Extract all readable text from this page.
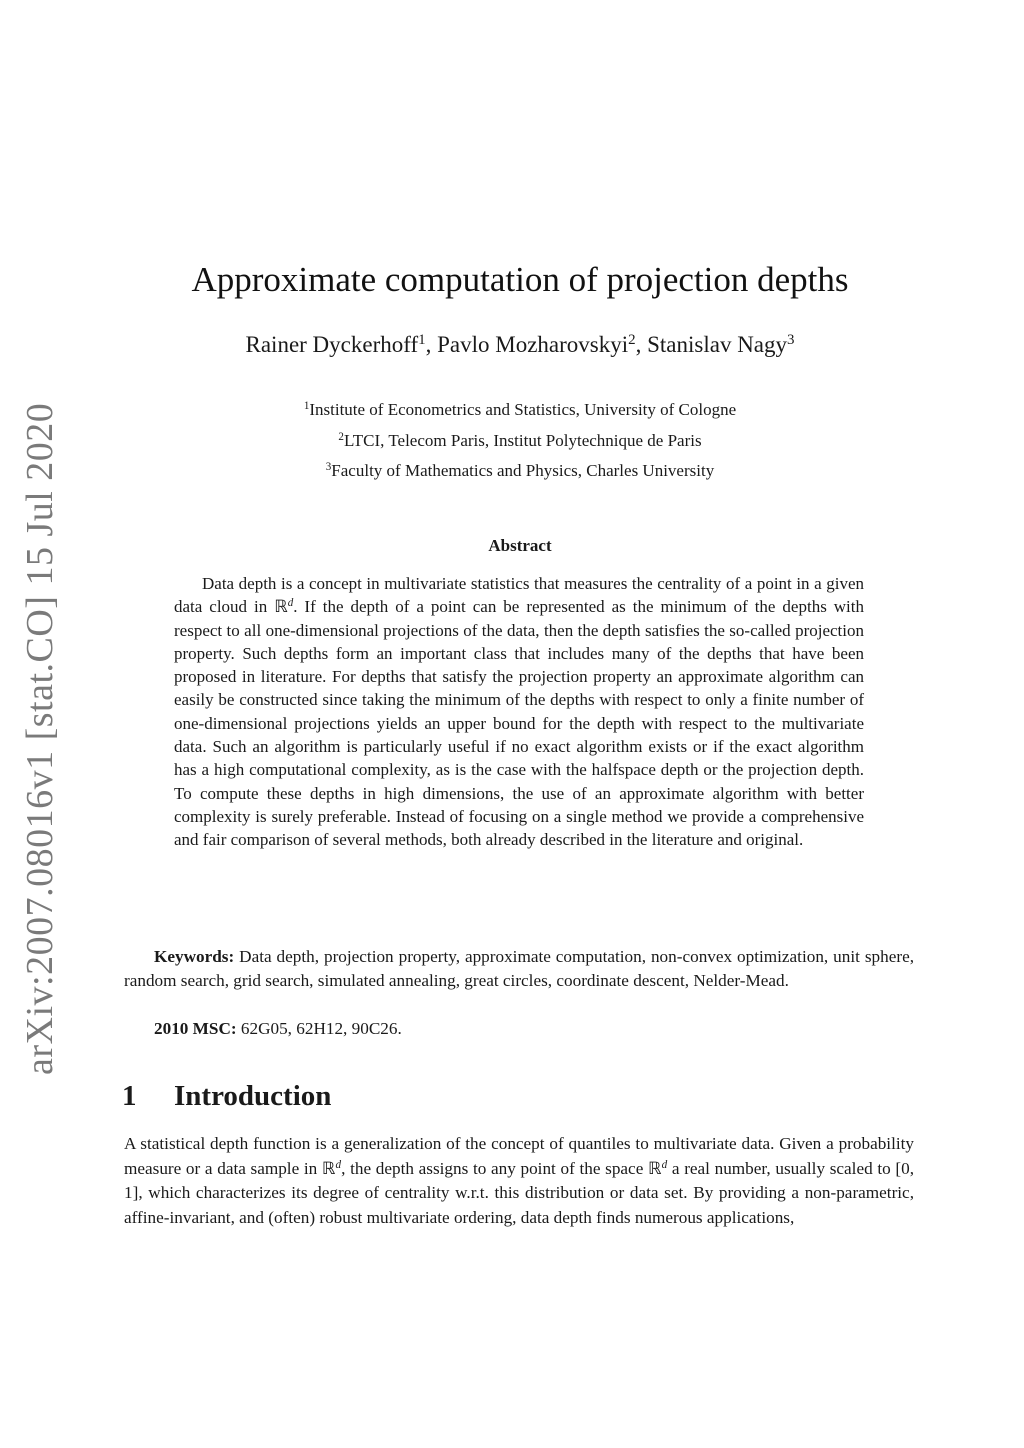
arXiv:2007.08016v1 [stat.CO] 15 Jul 2020
Approximate computation of projection depths
Rainer Dyckerhoff$^1$, Pavlo Mozharovskyi$^2$, Stanislav Nagy$^3$
$^1$Institute of Econometrics and Statistics, University of Cologne
$^2$LTCI, Telecom Paris, Institut Polytechnique de Paris
$^3$Faculty of Mathematics and Physics, Charles University
Abstract

Data depth is a concept in multivariate statistics that measures the centrality of a point in a given data cloud in ℝ$^d$. If the depth of a point can be represented as the minimum of the depths with respect to all one-dimensional projections of the data, then the depth satisfies the so-called projection property. Such depths form an important class that includes many of the depths that have been proposed in literature. For depths that satisfy the projection property an approximate algorithm can easily be constructed since taking the minimum of the depths with respect to only a finite number of one-dimensional projections yields an upper bound for the depth with respect to the multivariate data. Such an algorithm is particularly useful if no exact algorithm exists or if the exact algorithm has a high computational complexity, as is the case with the halfspace depth or the projection depth. To compute these depths in high dimensions, the use of an approximate algorithm with better complexity is surely preferable. Instead of focusing on a single method we provide a comprehensive and fair comparison of several methods, both already described in the literature and original.

Keywords: Data depth, projection property, approximate computation, non-convex optimization, unit sphere, random search, grid search, simulated annealing, great circles, coordinate descent, Nelder-Mead.

2010 MSC: 62G05, 62H12, 90C26.
1 Introduction

A statistical depth function is a generalization of the concept of quantiles to multivariate data. Given a probability measure or a data sample in ℝ$^d$, the depth assigns to any point of the space ℝ$^d$ a real number, usually scaled to [0, 1], which characterizes its degree of centrality w.r.t. this distribution or data set. By providing a non-parametric, affine-invariant, and (often) robust multivariate ordering, data depth finds numerous applications,
